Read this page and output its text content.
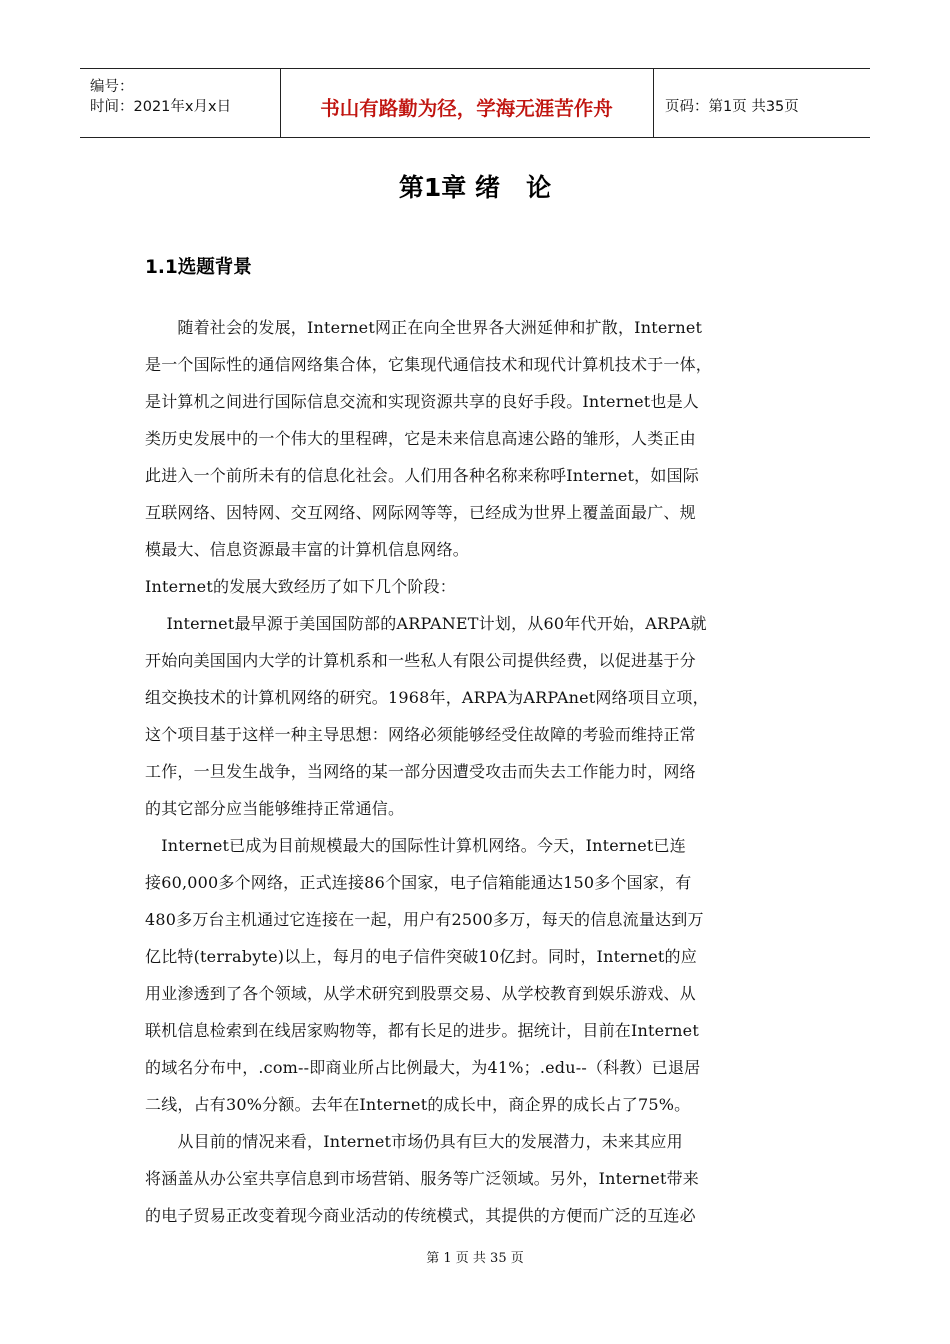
编号：
时间：2021年x月x日	书山有路勤为径，学海无涯苦作舟	页码：第1页 共35页
第1章 绪   论
1.1选题背景
　　随着社会的发展，Internet网正在向全世界各大洲延伸和扩散，Internet
是一个国际性的通信网络集合体，它集现代通信技术和现代计算机技术于一体，
是计算机之间进行国际信息交流和实现资源共享的良好手段。Internet也是人
类历史发展中的一个伟大的里程碑，它是未来信息高速公路的雏形，人类正由
此进入一个前所未有的信息化社会。人们用各种名称来称呼Internet，如国际
互联网络、因特网、交互网络、网际网等等，已经成为世界上覆盖面最广、规
模最大、信息资源最丰富的计算机信息网络。
Internet的发展大致经历了如下几个阶段：
　 Internet最早源于美国国防部的ARPANET计划，从60年代开始，ARPA就
开始向美国国内大学的计算机系和一些私人有限公司提供经费，以促进基于分
组交换技术的计算机网络的研究。1968年，ARPA为ARPAnet网络项目立项，
这个项目基于这样一种主导思想：网络必须能够经受住故障的考验而维持正常
工作，一旦发生战争，当网络的某一部分因遭受攻击而失去工作能力时，网络
的其它部分应当能够维持正常通信。
　Internet已成为目前规模最大的国际性计算机网络。今天，Internet已连
接60,000多个网络，正式连接86个国家，电子信箱能通达150多个国家，有
480多万台主机通过它连接在一起，用户有2500多万，每天的信息流量达到万
亿比特(terrabyte)以上，每月的电子信件突破10亿封。同时，Internet的应
用业渗透到了各个领域，从学术研究到股票交易、从学校教育到娱乐游戏、从
联机信息检索到在线居家购物等，都有长足的进步。据统计，目前在Internet
的域名分布中，.com--即商业所占比例最大，为41%；.edu--（科教）已退居
二线，占有30%分额。去年在Internet的成长中，商企界的成长占了75%。
　　从目前的情况来看，Internet市场仍具有巨大的发展潜力，未来其应用
将涵盖从办公室共享信息到市场营销、服务等广泛领域。另外，Internet带来
的电子贸易正改变着现今商业活动的传统模式，其提供的方便而广泛的互连必
第 1 页 共 35 页
